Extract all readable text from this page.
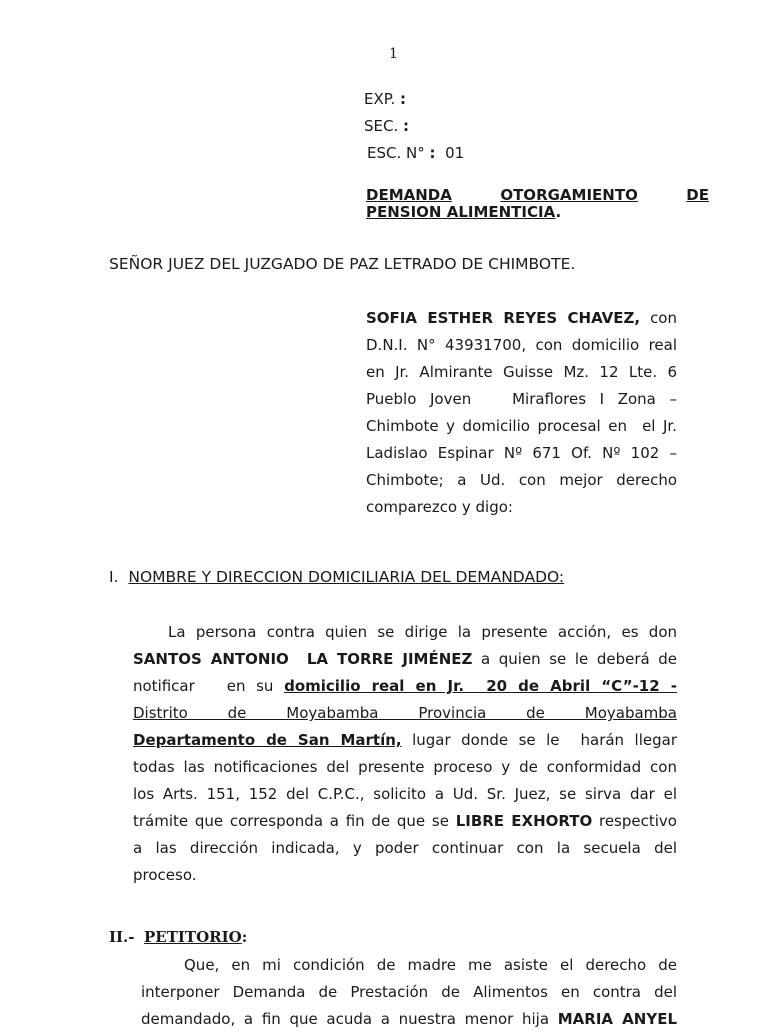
1
EXP. :
SEC. :
ESC. N° : 01
DEMANDA	OTORGAMIENTO	DE
PENSION ALIMENTICIA.
SEÑOR JUEZ DEL JUZGADO DE PAZ LETRADO DE CHIMBOTE.
SOFIA ESTHER REYES CHAVEZ, con
D.N.I. N° 43931700, con domicilio real
en Jr. Almirante Guisse Mz. 12 Lte. 6
Pueblo Joven   Miraflores I Zona –
Chimbote y domicilio procesal en  el Jr.
Ladislao Espinar Nº 671 Of. Nº 102 –
Chimbote; a Ud. con mejor derecho
comparezco y digo:
I. NOMBRE Y DIRECCION DOMICILIARIA DEL DEMANDADO:
La persona contra quien se dirige la presente acción, es don
SANTOS ANTONIO  LA TORRE JIMÉNEZ a quien se le deberá de
notificar   en su domicilio real en Jr.  20 de Abril “C”-12 -
Distrito de Moyabamba Provincia de Moyabamba
Departamento de San Martín, lugar donde se le  harán llegar
todas las notificaciones del presente proceso y de conformidad con
los Arts. 151, 152 del C.P.C., solicito a Ud. Sr. Juez, se sirva dar el
trámite que corresponda a fin de que se LIBRE EXHORTO respectivo
a las dirección indicada, y poder continuar con la secuela del
proceso.
II.- PETITORIO:
Que, en mi condición de madre me asiste el derecho de
interponer Demanda de Prestación de Alimentos en contra del
demandado, a fin que acuda a nuestra menor hija MARIA ANYEL
